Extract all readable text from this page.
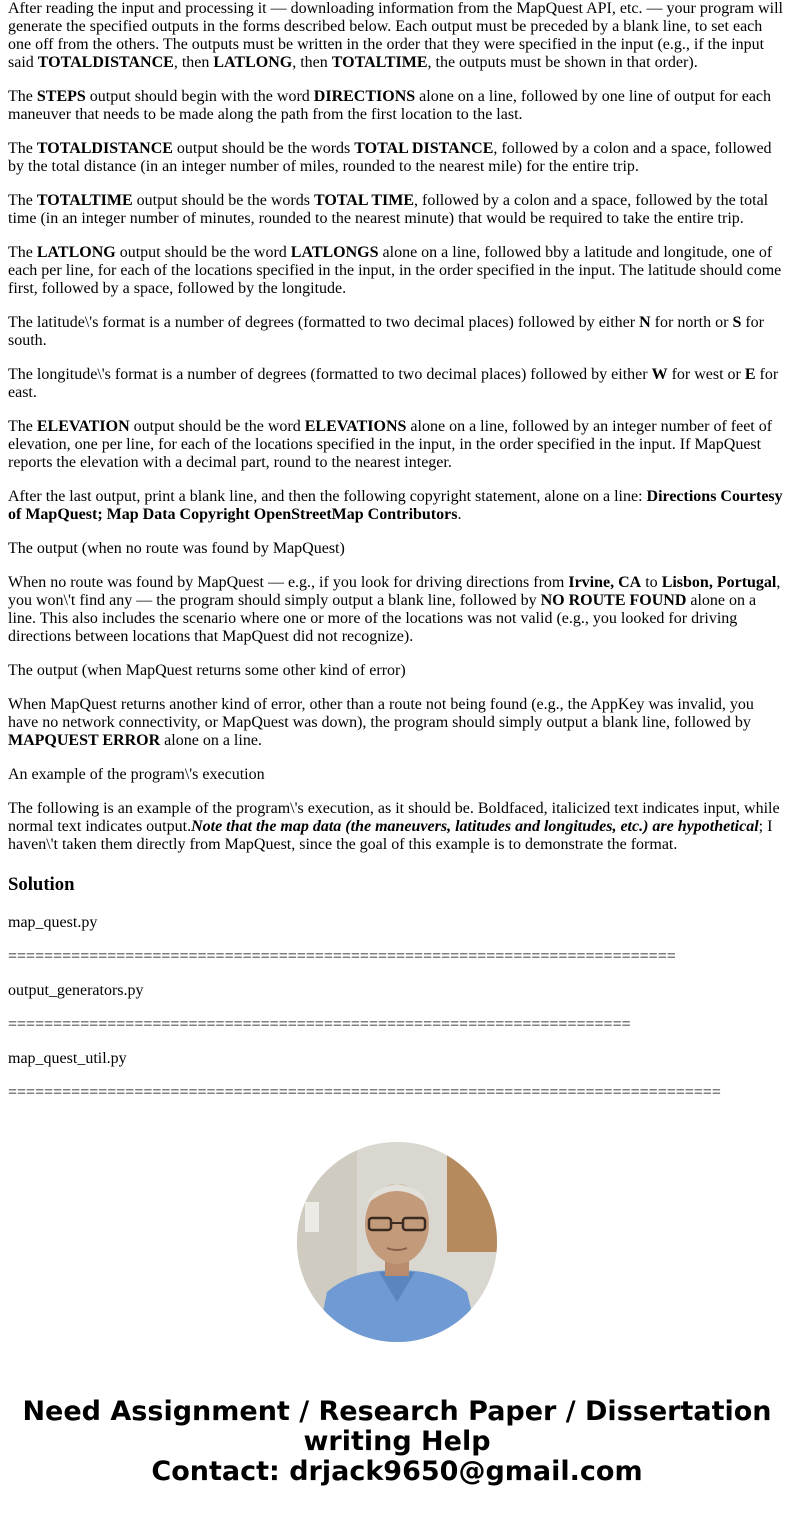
After reading the input and processing it — downloading information from the MapQuest API, etc. — your program will generate the specified outputs in the forms described below. Each output must be preceded by a blank line, to set each one off from the others. The outputs must be written in the order that they were specified in the input (e.g., if the input said TOTALDISTANCE, then LATLONG, then TOTALTIME, the outputs must be shown in that order).

The STEPS output should begin with the word DIRECTIONS alone on a line, followed by one line of output for each maneuver that needs to be made along the path from the first location to the last.

The TOTALDISTANCE output should be the words TOTAL DISTANCE, followed by a colon and a space, followed by the total distance (in an integer number of miles, rounded to the nearest mile) for the entire trip.

The TOTALTIME output should be the words TOTAL TIME, followed by a colon and a space, followed by the total time (in an integer number of minutes, rounded to the nearest minute) that would be required to take the entire trip.

The LATLONG output should be the word LATLONGS alone on a line, followed bby a latitude and longitude, one of each per line, for each of the locations specified in the input, in the order specified in the input. The latitude should come first, followed by a space, followed by the longitude.

The latitude\'s format is a number of degrees (formatted to two decimal places) followed by either N for north or S for south.

The longitude\'s format is a number of degrees (formatted to two decimal places) followed by either W for west or E for east.

The ELEVATION output should be the word ELEVATIONS alone on a line, followed by an integer number of feet of elevation, one per line, for each of the locations specified in the input, in the order specified in the input. If MapQuest reports the elevation with a decimal part, round to the nearest integer.

After the last output, print a blank line, and then the following copyright statement, alone on a line: Directions Courtesy of MapQuest; Map Data Copyright OpenStreetMap Contributors.

The output (when no route was found by MapQuest)

When no route was found by MapQuest — e.g., if you look for driving directions from Irvine, CA to Lisbon, Portugal, you won\'t find any — the program should simply output a blank line, followed by NO ROUTE FOUND alone on a line. This also includes the scenario where one or more of the locations was not valid (e.g., you looked for driving directions between locations that MapQuest did not recognize).

The output (when MapQuest returns some other kind of error)

When MapQuest returns another kind of error, other than a route not being found (e.g., the AppKey was invalid, you have no network connectivity, or MapQuest was down), the program should simply output a blank line, followed by MAPQUEST ERROR alone on a line.

An example of the program\'s execution

The following is an example of the program\'s execution, as it should be. Boldfaced, italicized text indicates input, while normal text indicates output.Note that the map data (the maneuvers, latitudes and longitudes, etc.) are hypothetical; I haven\'t taken them directly from MapQuest, since the goal of this example is to demonstrate the format.

Solution

map_quest.py

==========================================================================

output_generators.py

=====================================================================

map_quest_util.py

===============================================================================

Need Assignment / Research Paper / Dissertation writing Help
Contact: drjack9650@gmail.com
